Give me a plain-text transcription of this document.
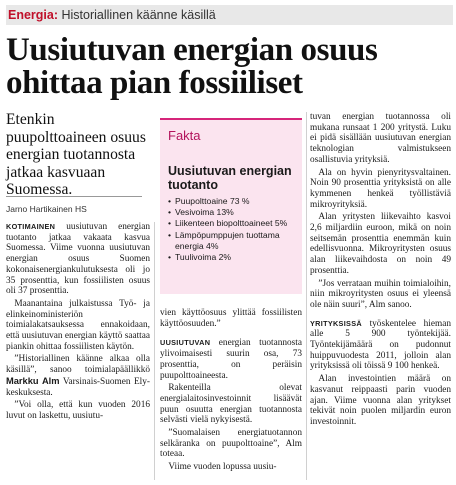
Energia: Historiallinen käänne käsillä
Uusiutuvan energian osuus ohittaa pian fossiiliset
Etenkin puupolttoaineen osuus energian tuotannosta jatkaa kasvuaan Suomessa.
Jarno Hartikainen HS
Fakta
Uusiutuvan energian tuotanto
• Puupolttoaine 73 %
• Vesivoima 13%
• Liikenteen biopolttoaineet 5%
• Lämpöpumppujen tuottama energia 4%
• Tuulivoima 2%

KOTIMAINEN uusiutuvan energian tuotanto jatkaa vakaata kasvua Suomessa. Viime vuonna uusiutuvan energian osuus Suomen kokonaisenergiankulutuksesta oli jo 35 prosenttia, kun fossiilisten osuus oli 37 prosenttia.

Maanantaina julkaistussa Työ- ja elinkeinoministeriön toimialakatsauksessa ennakoidaan, että uusiutuvan energian käyttö saattaa piankin ohittaa fossiilisten käytön.

”Historiallinen käänne alkaa olla käsillä”, sanoo toimialapäällikkö Markku Alm Varsinais-Suomen Ely-keskuksesta.

”Voi olla, että kun vuoden 2016 luvut on laskettu, uusiutu-

vien käyttöosuus ylittää fossiilisten käyttöosuuden.”

UUSIUTUVAN energian tuotannosta ylivoimaisesti suurin osa, 73 prosenttia, on peräisin puupolttoaineesta.

Rakenteilla olevat energialaitosinvestoinnit lisäävät puun osuutta energian tuotannosta selvästi vielä nykyisestä.

”Suomalaisen energiatuotannon selkäranka on puupolttoaine”, Alm toteaa.

Viime vuoden lopussa uusiu-

tuvan energian tuotannossa oli mukana runsaat 1 200 yritystä. Luku ei pidä sisällään uusiutuvan energian teknologian valmistukseen osallistuvia yrityksiä.

Ala on hyvin pienyritysvaltainen. Noin 90 prosenttia yrityksistä on alle kymmenen henkeä työllistäviä mikroyrityksiä.

Alan yritysten liikevaihto kasvoi 2,6 miljardiin euroon, mikä on noin seitsemän prosenttia enemmän kuin edellisvuonna. Mikroyritysten osuus alan liikevaihdosta on noin 49 prosenttia.

”Jos verrataan muihin toimialoihin, niin mikroyritysten osuus ei yleensä ole näin suuri”, Alm sanoo.

YRITYKSISSÄ työskentelee hieman alle 5 900 työntekijää. Työntekijämäärä on pudonnut huippuvuodesta 2011, jolloin alan yrityksissä oli töissä 9 100 henkeä.

Alan investointien määrä on kasvanut reippaasti parin vuoden ajan. Viime vuonna alan yritykset tekivät noin puolen miljardin euron investoinnit.
